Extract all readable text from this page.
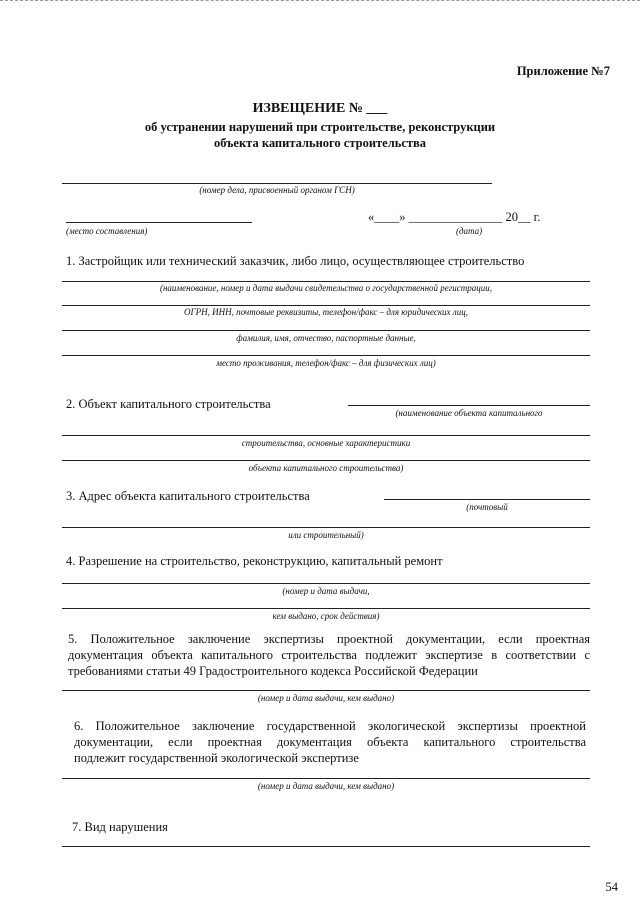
Приложение №7
ИЗВЕЩЕНИЕ № ___
об устранении нарушений при строительстве, реконструкции
объекта капитального строительства
(номер дела, присвоенный органом ГСН)
(место составления)
«____» _______________ 20__ г.
(дата)
1. Застройщик или технический заказчик, либо лицо, осуществляющее строительство
(наименование, номер и дата выдачи свидетельства о государственной регистрации,
ОГРН, ИНН, почтовые реквизиты, телефон/факс – для юридических лиц,
фамилия, имя, отчество, паспортные данные,
место проживания, телефон/факс – для физических лиц)
2. Объект капитального строительства
(наименование объекта капитального
строительства, основные характеристики
объекта капитального строительства)
3. Адрес объекта капитального строительства
(почтовый
или строительный)
4. Разрешение на строительство, реконструкцию, капитальный ремонт
(номер и дата выдачи,
кем выдано, срок действия)
5. Положительное заключение экспертизы проектной документации, если проектная
документация объекта капитального строительства подлежит экспертизе в соответствии с
требованиями статьи 49 Градостроительного кодекса Российской Федерации
(номер и дата выдачи, кем выдано)
6. Положительное заключение государственной экологической экспертизы проектной
документации, если проектная документация объекта капитального строительства
подлежит государственной экологической экспертизе
(номер и дата выдачи, кем выдано)
7. Вид нарушения
54
